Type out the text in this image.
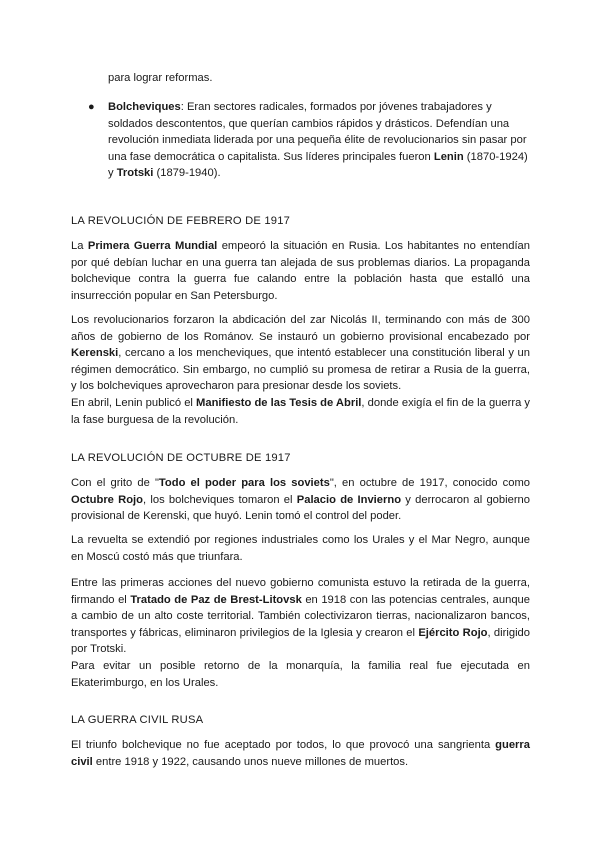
para lograr reformas.

● Bolcheviques: Eran sectores radicales, formados por jóvenes trabajadores y soldados descontentos, que querían cambios rápidos y drásticos. Defendían una revolución inmediata liderada por una pequeña élite de revolucionarios sin pasar por una fase democrática o capitalista. Sus líderes principales fueron Lenin (1870-1924) y Trotski (1879-1940).

LA REVOLUCIÓN DE FEBRERO DE 1917

La Primera Guerra Mundial empeoró la situación en Rusia. Los habitantes no entendían por qué debían luchar en una guerra tan alejada de sus problemas diarios. La propaganda bolchevique contra la guerra fue calando entre la población hasta que estalló una insurrección popular en San Petersburgo.

Los revolucionarios forzaron la abdicación del zar Nicolás II, terminando con más de 300 años de gobierno de los Románov. Se instauró un gobierno provisional encabezado por Kerenski, cercano a los mencheviques, que intentó establecer una constitución liberal y un régimen democrático. Sin embargo, no cumplió su promesa de retirar a Rusia de la guerra, y los bolcheviques aprovecharon para presionar desde los soviets.

En abril, Lenin publicó el Manifiesto de las Tesis de Abril, donde exigía el fin de la guerra y la fase burguesa de la revolución.

LA REVOLUCIÓN DE OCTUBRE DE 1917

Con el grito de "Todo el poder para los soviets", en octubre de 1917, conocido como Octubre Rojo, los bolcheviques tomaron el Palacio de Invierno y derrocaron al gobierno provisional de Kerenski, que huyó. Lenin tomó el control del poder.

La revuelta se extendió por regiones industriales como los Urales y el Mar Negro, aunque en Moscú costó más que triunfara.

Entre las primeras acciones del nuevo gobierno comunista estuvo la retirada de la guerra, firmando el Tratado de Paz de Brest-Litovsk en 1918 con las potencias centrales, aunque a cambio de un alto coste territorial. También colectivizaron tierras, nacionalizaron bancos, transportes y fábricas, eliminaron privilegios de la Iglesia y crearon el Ejército Rojo, dirigido por Trotski.

Para evitar un posible retorno de la monarquía, la familia real fue ejecutada en Ekaterimburgo, en los Urales.

LA GUERRA CIVIL RUSA

El triunfo bolchevique no fue aceptado por todos, lo que provocó una sangrienta guerra civil entre 1918 y 1922, causando unos nueve millones de muertos.
